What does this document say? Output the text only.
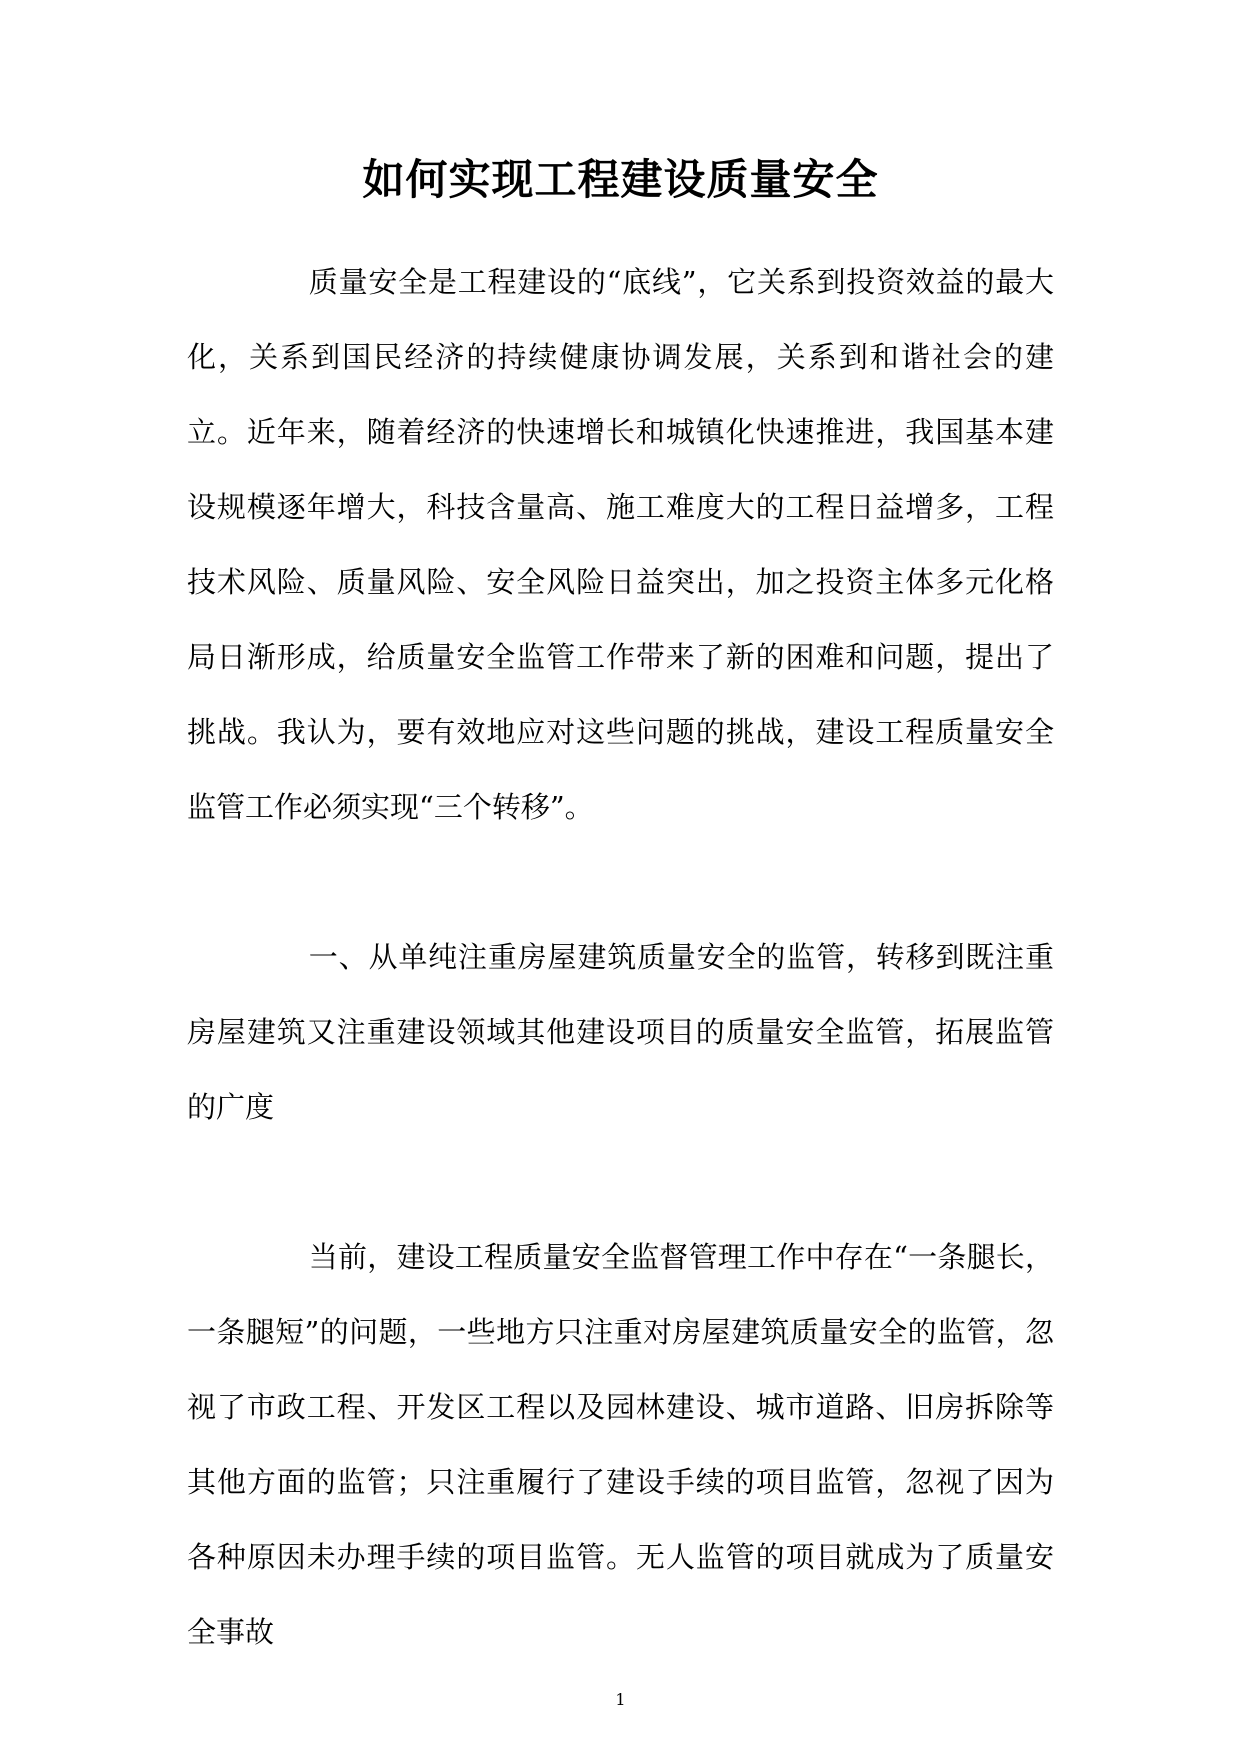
如何实现工程建设质量安全

质量安全是工程建设的“底线”，它关系到投资效益的最大化，关系到国民经济的持续健康协调发展，关系到和谐社会的建立。近年来，随着经济的快速增长和城镇化快速推进，我国基本建设规模逐年增大，科技含量高、施工难度大的工程日益增多，工程技术风险、质量风险、安全风险日益突出，加之投资主体多元化格局日渐形成，给质量安全监管工作带来了新的困难和问题，提出了挑战。我认为，要有效地应对这些问题的挑战，建设工程质量安全监管工作必须实现“三个转移”。

一、从单纯注重房屋建筑质量安全的监管，转移到既注重房屋建筑又注重建设领域其他建设项目的质量安全监管，拓展监管的广度

当前，建设工程质量安全监督管理工作中存在“一条腿长，一条腿短”的问题，一些地方只注重对房屋建筑质量安全的监管，忽视了市政工程、开发区工程以及园林建设、城市道路、旧房拆除等其他方面的监管；只注重履行了建设手续的项目监管，忽视了因为各种原因未办理手续的项目监管。无人监管的项目就成为了质量安全事故

1
